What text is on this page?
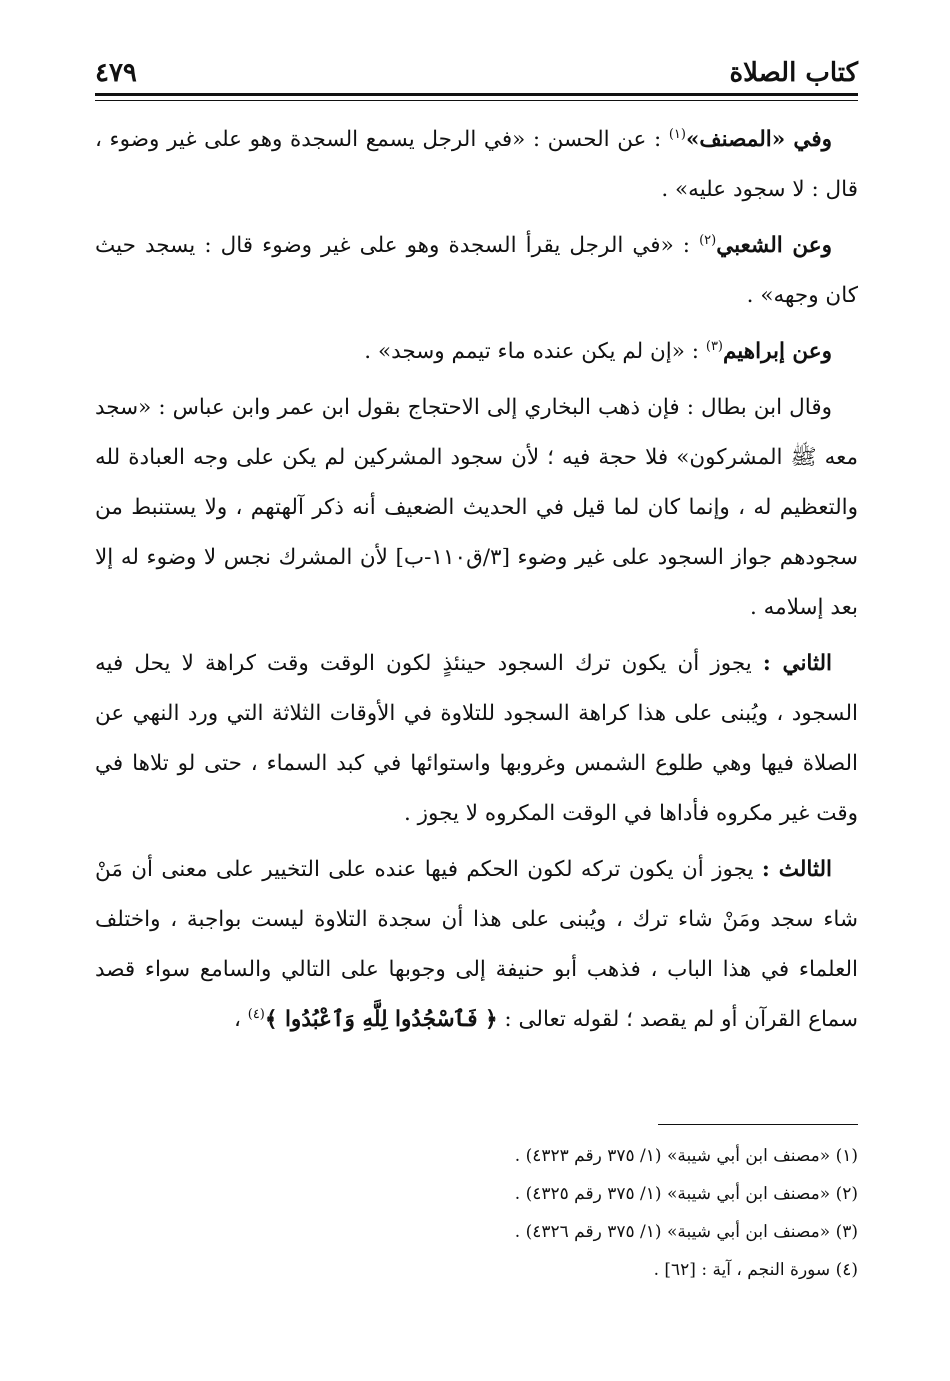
كتاب الصلاة
٤٧٩

وفي «المصنف»$^{(١)}$ : عن الحسن : «في الرجل يسمع السجدة وهو على غير وضوء ، قال : لا سجود عليه» .

وعن الشعبي$^{(٢)}$ : «في الرجل يقرأ السجدة وهو على غير وضوء قال : يسجد حيث كان وجهه» .

وعن إبراهيم$^{(٣)}$ : «إن لم يكن عنده ماء تيمم وسجد» .

وقال ابن بطال : فإن ذهب البخاري إلى الاحتجاج بقول ابن عمر وابن عباس : «سجد معه ﷺ المشركون» فلا حجة فيه ؛ لأن سجود المشركين لم يكن على وجه العبادة لله والتعظيم له ، وإنما كان لما قيل في الحديث الضعيف أنه ذكر آلهتهم ، ولا يستنبط من سجودهم جواز السجود على غير وضوء [٣/ق١١٠-ب] لأن المشرك نجس لا وضوء له إلا بعد إسلامه .

الثاني : يجوز أن يكون ترك السجود حينئذٍ لكون الوقت وقت كراهة لا يحل فيه السجود ، ويُبنى على هذا كراهة السجود للتلاوة في الأوقات الثلاثة التي ورد النهي عن الصلاة فيها وهي طلوع الشمس وغروبها واستوائها في كبد السماء ، حتى لو تلاها في وقت غير مكروه فأداها في الوقت المكروه لا يجوز .

الثالث : يجوز أن يكون تركه لكون الحكم فيها عنده على التخيير على معنى أن مَنْ شاء سجد ومَنْ شاء ترك ، ويُبنى على هذا أن سجدة التلاوة ليست بواجبة ، واختلف العلماء في هذا الباب ، فذهب أبو حنيفة إلى وجوبها على التالي والسامع سواء قصد سماع القرآن أو لم يقصد ؛ لقوله تعالى : ﴿ فَٱسْجُدُوا لِلَّهِ وَٱعْبُدُوا ﴾$^{(٤)}$ ،

(١) «مصنف ابن أبي شيبة» (١/ ٣٧٥ رقم ٤٣٢٣) .
(٢) «مصنف ابن أبي شيبة» (١/ ٣٧٥ رقم ٤٣٢٥) .
(٣) «مصنف ابن أبي شيبة» (١/ ٣٧٥ رقم ٤٣٢٦) .
(٤) سورة النجم ، آية : [٦٢] .
